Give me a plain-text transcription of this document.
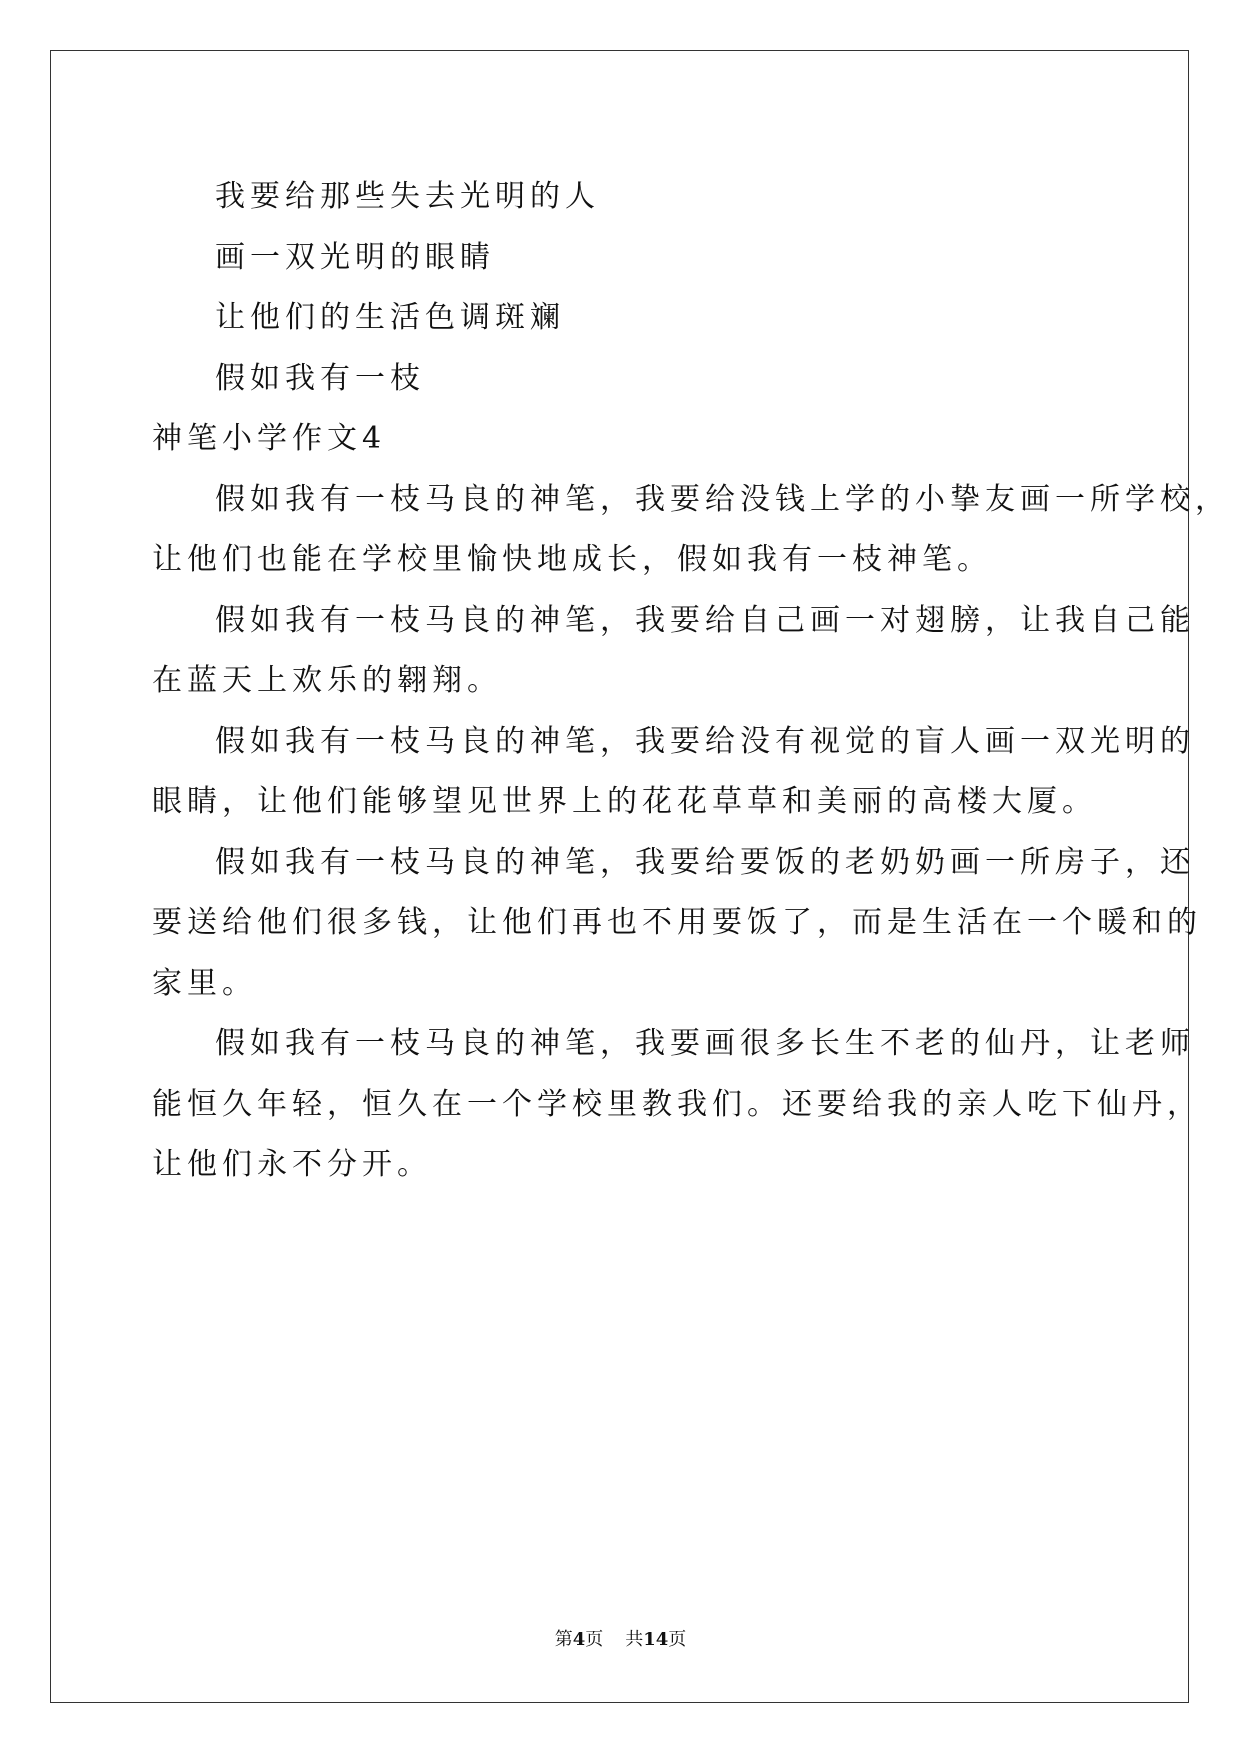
我要给那些失去光明的人
画一双光明的眼睛
让他们的生活色调斑斓
假如我有一枝
神笔小学作文4
假如我有一枝马良的神笔，我要给没钱上学的小挚友画一所学校，
让他们也能在学校里愉快地成长，假如我有一枝神笔。
假如我有一枝马良的神笔，我要给自己画一对翅膀，让我自己能
在蓝天上欢乐的翱翔。
假如我有一枝马良的神笔，我要给没有视觉的盲人画一双光明的
眼睛，让他们能够望见世界上的花花草草和美丽的高楼大厦。
假如我有一枝马良的神笔，我要给要饭的老奶奶画一所房子，还
要送给他们很多钱，让他们再也不用要饭了，而是生活在一个暖和的
家里。
假如我有一枝马良的神笔，我要画很多长生不老的仙丹，让老师
能恒久年轻，恒久在一个学校里教我们。还要给我的亲人吃下仙丹，
让他们永不分开。
第4页 共14页
